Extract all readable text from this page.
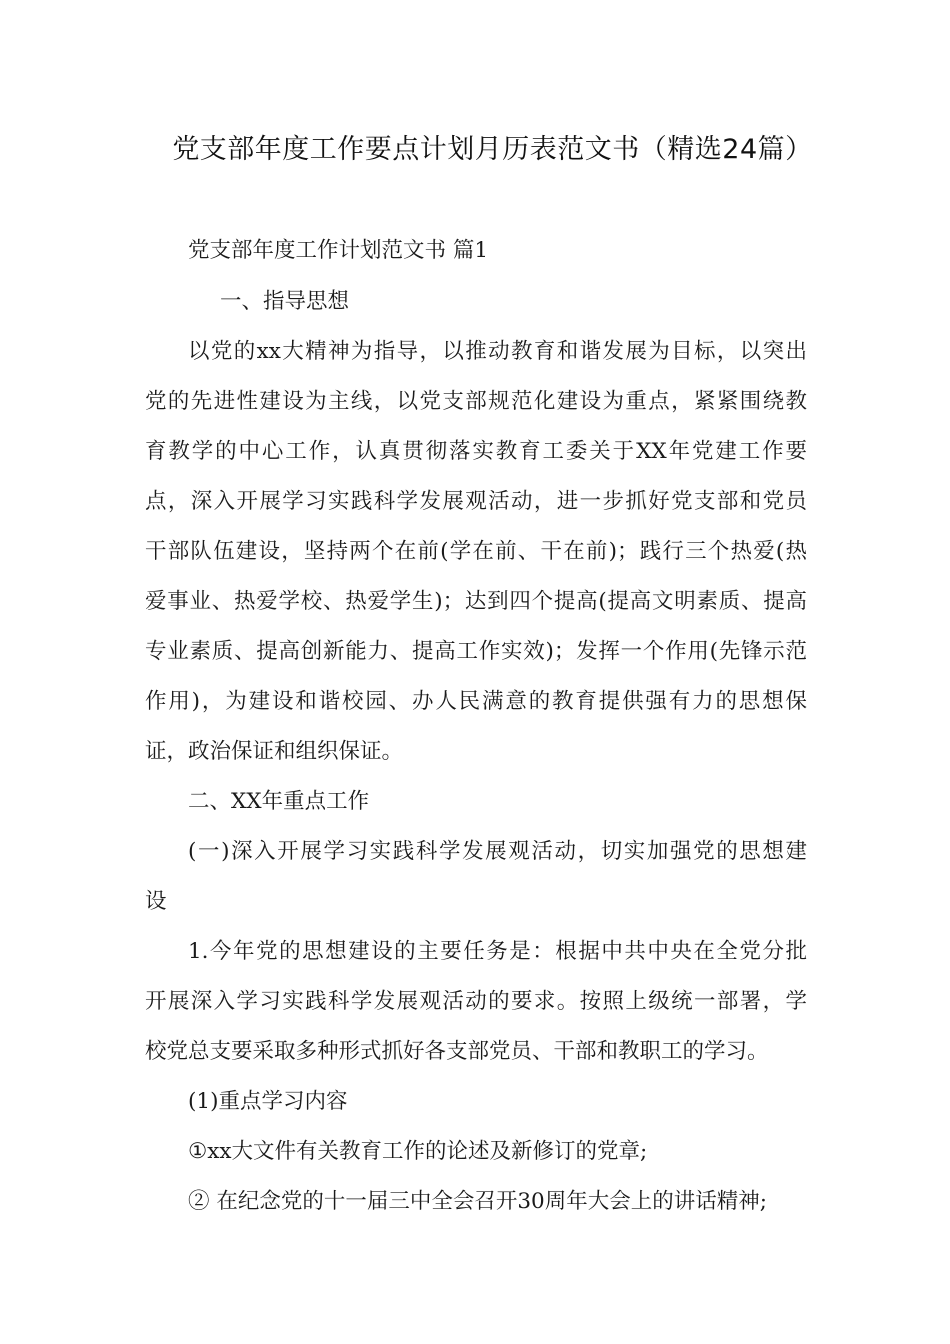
党支部年度工作要点计划月历表范文书（精选24篇）
党支部年度工作计划范文书 篇1
一、指导思想
以党的xx大精神为指导，以推动教育和谐发展为目标，以突出
党的先进性建设为主线，以党支部规范化建设为重点，紧紧围绕教
育教学的中心工作，认真贯彻落实教育工委关于XX年党建工作要
点，深入开展学习实践科学发展观活动，进一步抓好党支部和党员
干部队伍建设，坚持两个在前(学在前、干在前)；践行三个热爱(热
爱事业、热爱学校、热爱学生)；达到四个提高(提高文明素质、提高
专业素质、提高创新能力、提高工作实效)；发挥一个作用(先锋示范
作用)，为建设和谐校园、办人民满意的教育提供强有力的思想保
证，政治保证和组织保证。
二、XX年重点工作
(一)深入开展学习实践科学发展观活动，切实加强党的思想建
设
1.今年党的思想建设的主要任务是：根据中共中央在全党分批
开展深入学习实践科学发展观活动的要求。按照上级统一部署，学
校党总支要采取多种形式抓好各支部党员、干部和教职工的学习。
(1)重点学习内容
①xx大文件有关教育工作的论述及新修订的党章;
② 在纪念党的十一届三中全会召开30周年大会上的讲话精神;
